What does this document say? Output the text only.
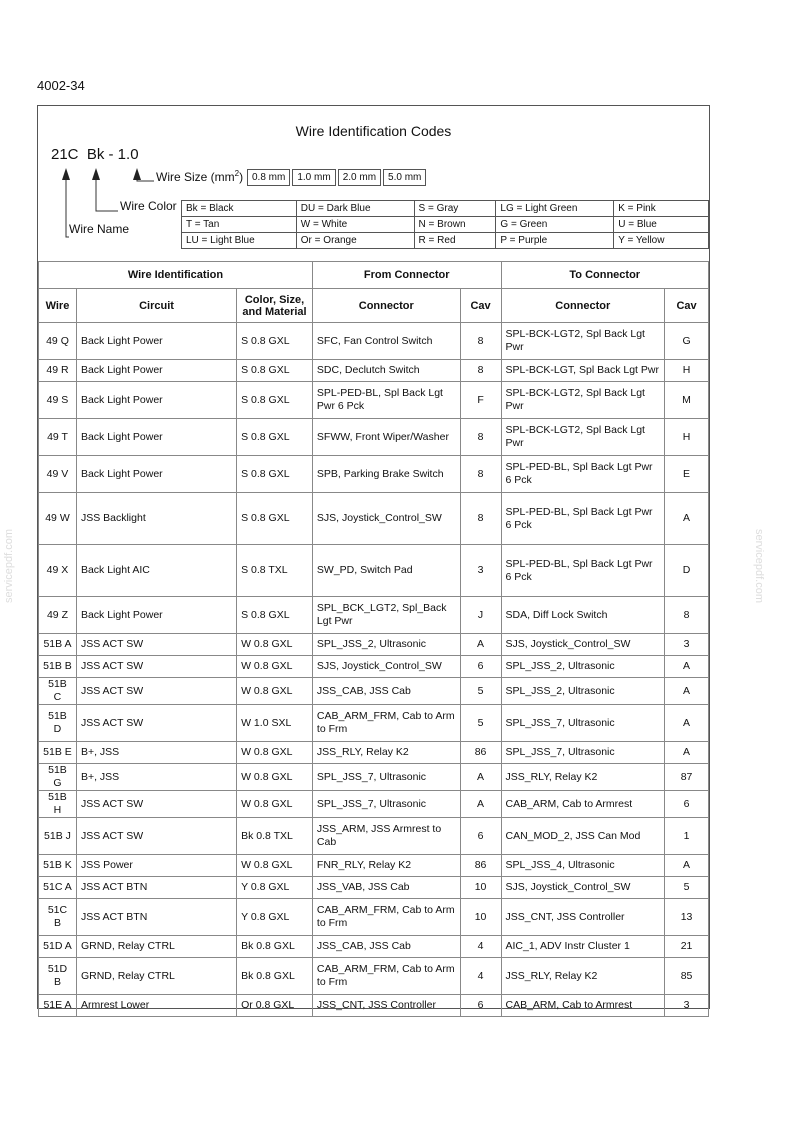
4002-34
Wire Identification Codes
21C  Bk - 1.0
Wire Size $(mm^2)$ 0.8 mm	1.0 mm	2.0 mm	5.0 mm
Wire Color
Wire Name
Bk = Black	DU = Dark Blue	S = Gray	LG = Light Green	K = Pink
T = Tan	W = White	N = Brown	G = Green	U = Blue
LU = Light Blue	Or = Orange	R = Red	P = Purple	Y = Yellow
Wire Identification			From Connector		To Connector	
Wire	Circuit	Color, Size, and Material	Connector	Cav	Connector	Cav
49 Q	Back Light Power	S 0.8 GXL	SFC, Fan Control Switch	8	SPL-BCK-LGT2, Spl Back Lgt Pwr	G
49 R	Back Light Power	S 0.8 GXL	SDC, Declutch Switch	8	SPL-BCK-LGT, Spl Back Lgt Pwr	H
49 S	Back Light Power	S 0.8 GXL	SPL-PED-BL, Spl Back Lgt Pwr 6 Pck	F	SPL-BCK-LGT2, Spl Back Lgt Pwr	M
49 T	Back Light Power	S 0.8 GXL	SFWW, Front Wiper/Washer	8	SPL-BCK-LGT2, Spl Back Lgt Pwr	H
49 V	Back Light Power	S 0.8 GXL	SPB, Parking Brake Switch	8	SPL-PED-BL, Spl Back Lgt Pwr 6 Pck	E
49 W	JSS Backlight	S 0.8 GXL	SJS, Joystick_Control_SW	8	SPL-PED-BL, Spl Back Lgt Pwr 6 Pck	A
49 X	Back Light AIC	S 0.8 TXL	SW_PD, Switch Pad	3	SPL-PED-BL, Spl Back Lgt Pwr 6 Pck	D
49 Z	Back Light Power	S 0.8 GXL	SPL_BCK_LGT2, Spl_Back Lgt Pwr	J	SDA, Diff Lock Switch	8
51B A	JSS ACT SW	W 0.8 GXL	SPL_JSS_2, Ultrasonic	A	SJS, Joystick_Control_SW	3
51B B	JSS ACT SW	W 0.8 GXL	SJS, Joystick_Control_SW	6	SPL_JSS_2, Ultrasonic	A
51B C	JSS ACT SW	W 0.8 GXL	JSS_CAB, JSS Cab	5	SPL_JSS_2, Ultrasonic	A
51B D	JSS ACT SW	W 1.0 SXL	CAB_ARM_FRM, Cab to Arm to Frm	5	SPL_JSS_7, Ultrasonic	A
51B E	B+, JSS	W 0.8 GXL	JSS_RLY, Relay K2	86	SPL_JSS_7, Ultrasonic	A
51B G	B+, JSS	W 0.8 GXL	SPL_JSS_7, Ultrasonic	A	JSS_RLY, Relay K2	87
51B H	JSS ACT SW	W 0.8 GXL	SPL_JSS_7, Ultrasonic	A	CAB_ARM, Cab to Armrest	6
51B J	JSS ACT SW	Bk 0.8 TXL	JSS_ARM, JSS Armrest to Cab	6	CAN_MOD_2, JSS Can Mod	1
51B K	JSS Power	W 0.8 GXL	FNR_RLY, Relay K2	86	SPL_JSS_4, Ultrasonic	A
51C A	JSS ACT BTN	Y 0.8 GXL	JSS_VAB, JSS Cab	10	SJS, Joystick_Control_SW	5
51C B	JSS ACT BTN	Y 0.8 GXL	CAB_ARM_FRM, Cab to Arm to Frm	10	JSS_CNT, JSS Controller	13
51D A	GRND, Relay CTRL	Bk 0.8 GXL	JSS_CAB, JSS Cab	4	AIC_1, ADV Instr Cluster 1	21
51D B	GRND, Relay CTRL	Bk 0.8 GXL	CAB_ARM_FRM, Cab to Arm to Frm	4	JSS_RLY, Relay K2	85
51E A	Armrest Lower	Or 0.8 GXL	JSS_CNT, JSS Controller	6	CAB_ARM, Cab to Armrest	3
servicepdf.com	servicepdf.com
